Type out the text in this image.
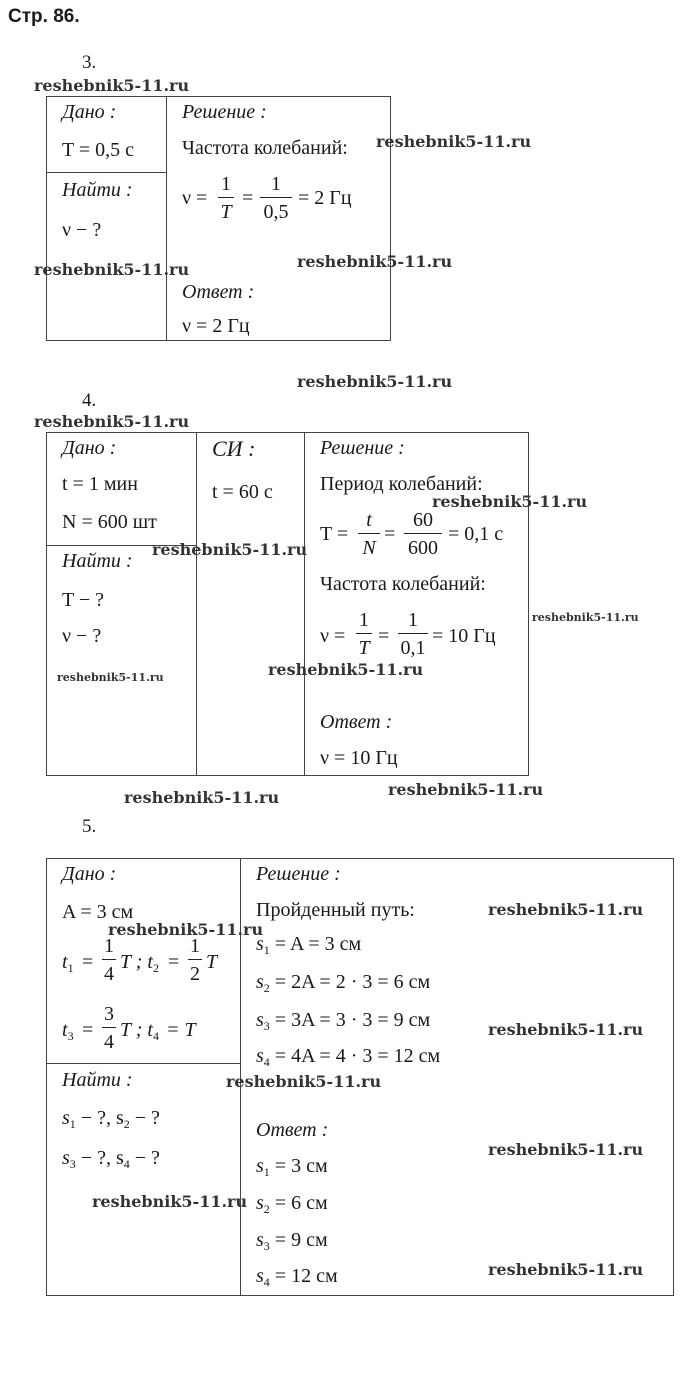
Стр. 86.
3.
Дано :
T = 0,5 с
Найти :
ν − ?
Решение :
Частота колебаний:
ν =
1
T
=
1
0,5
= 2 Гц
Ответ :
ν = 2 Гц
4.
Дано :
t = 1 мин
N = 600 шт
Найти :
T − ?
ν − ?
СИ :
t = 60 с
Решение :
Период колебаний:
T =
t
N
=
60
600
= 0,1 с
Частота колебаний:
ν =
1
T
=
1
0,1
= 10 Гц
Ответ :
ν = 10 Гц
5.
Дано :
A = 3 см
$t_1$ =
1
4
T ; $t_2$ =
1
2
T
$t_3$ =
3
4
T ; $t_4 = T$
Найти :
$s_1$ − ?, $s_2$ − ?
$s_3$ − ?, $s_4$ − ?
Решение :
Пройденный путь:
$s_1 = A = 3$ см
$s_2 = 2A = 2 \cdot 3 = 6$ см
$s_3 = 3A = 3 \cdot 3 = 9$ см
$s_4 = 4A = 4 \cdot 3 = 12$ см
Ответ :
$s_1 = 3$ см
$s_2 = 6$ см
$s_3 = 9$ см
$s_4 = 12$ см
reshebnik5-11.ru
reshebnik5-11.ru
reshebnik5-11.ru	reshebnik5-11.ru
reshebnik5-11.ru
reshebnik5-11.ru
reshebnik5-11.ru
reshebnik5-11.ru
reshebnik5-11.ru
reshebnik5-11.ru
reshebnik5-11.ru
reshebnik5-11.ru	reshebnik5-11.ru
reshebnik5-11.ru
reshebnik5-11.ru
reshebnik5-11.ru
reshebnik5-11.ru
reshebnik5-11.ru
reshebnik5-11.ru
reshebnik5-11.ru
